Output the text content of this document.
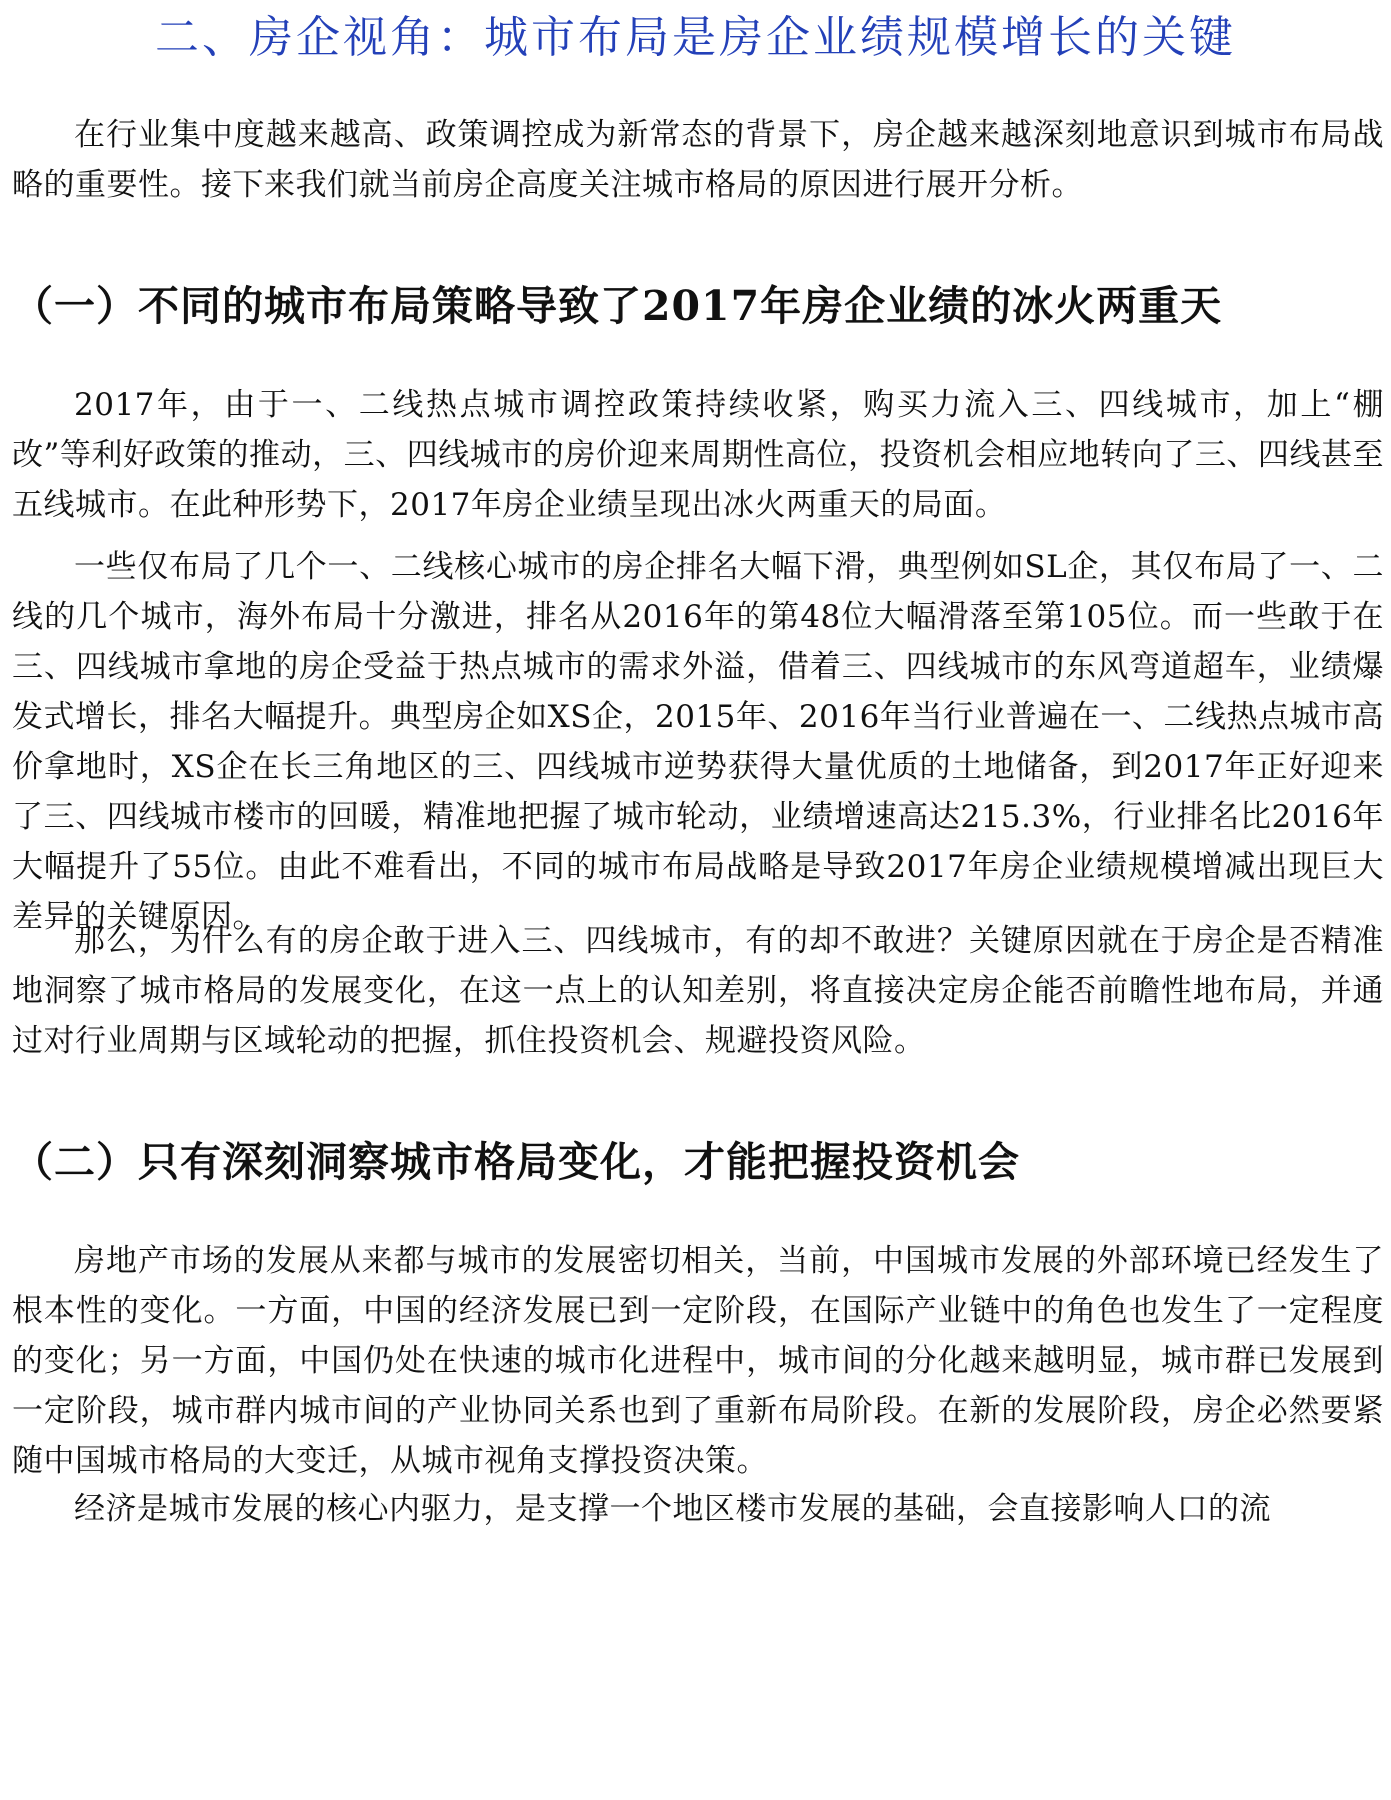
二、房企视角：城市布局是房企业绩规模增长的关键

在行业集中度越来越高、政策调控成为新常态的背景下，房企越来越深刻地意识到城市布局战略的重要性。接下来我们就当前房企高度关注城市格局的原因进行展开分析。

（一）不同的城市布局策略导致了2017年房企业绩的冰火两重天

2017年，由于一、二线热点城市调控政策持续收紧，购买力流入三、四线城市，加上“棚改”等利好政策的推动，三、四线城市的房价迎来周期性高位，投资机会相应地转向了三、四线甚至五线城市。在此种形势下，2017年房企业绩呈现出冰火两重天的局面。

一些仅布局了几个一、二线核心城市的房企排名大幅下滑，典型例如SL企，其仅布局了一、二线的几个城市，海外布局十分激进，排名从2016年的第48位大幅滑落至第105位。而一些敢于在三、四线城市拿地的房企受益于热点城市的需求外溢，借着三、四线城市的东风弯道超车，业绩爆发式增长，排名大幅提升。典型房企如XS企，2015年、2016年当行业普遍在一、二线热点城市高价拿地时，XS企在长三角地区的三、四线城市逆势获得大量优质的土地储备，到2017年正好迎来了三、四线城市楼市的回暖，精准地把握了城市轮动，业绩增速高达215.3%，行业排名比2016年大幅提升了55位。由此不难看出，不同的城市布局战略是导致2017年房企业绩规模增减出现巨大差异的关键原因。

那么，为什么有的房企敢于进入三、四线城市，有的却不敢进？关键原因就在于房企是否精准地洞察了城市格局的发展变化，在这一点上的认知差别，将直接决定房企能否前瞻性地布局，并通过对行业周期与区域轮动的把握，抓住投资机会、规避投资风险。

（二）只有深刻洞察城市格局变化，才能把握投资机会

房地产市场的发展从来都与城市的发展密切相关，当前，中国城市发展的外部环境已经发生了根本性的变化。一方面，中国的经济发展已到一定阶段，在国际产业链中的角色也发生了一定程度的变化；另一方面，中国仍处在快速的城市化进程中，城市间的分化越来越明显，城市群已发展到一定阶段，城市群内城市间的产业协同关系也到了重新布局阶段。在新的发展阶段，房企必然要紧随中国城市格局的大变迁，从城市视角支撑投资决策。

经济是城市发展的核心内驱力，是支撑一个地区楼市发展的基础，会直接影响人口的流
